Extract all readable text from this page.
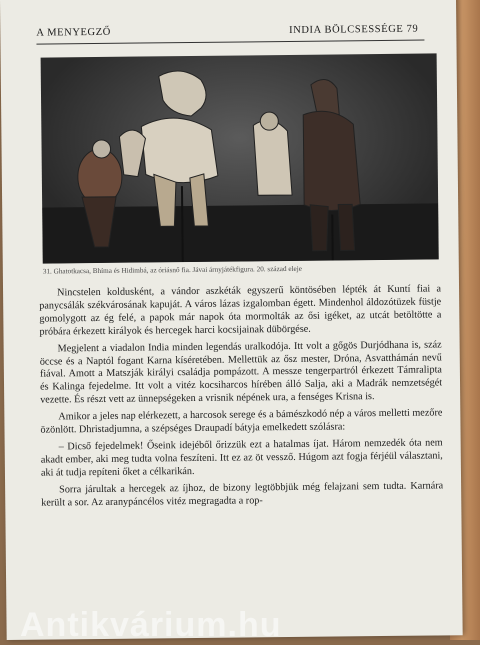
A MENYEGZŐ	INDIA BÖLCSESSÉGE 79
31. Ghatotkacsa, Bhíma és Hidimbá, az óriásnő fia. Jávai árnyjátékfigura. 20. század eleje

Nincstelen koldusként, a vándor aszkéták egyszerű köntösében lépték át Kuntí fiai a panycsálák székvárosának kapuját. A város lázas izgalomban égett. Mindenhol áldozótüzek füstje gomolygott az ég felé, a papok már napok óta mormolták az ősi igéket, az utcát betöltötte a próbára érkezett királyok és hercegek harci kocsijainak dübörgése.

Megjelent a viadalon India minden legendás uralkodója. Itt volt a gőgös Durjódhana is, száz öccse és a Naptól fogant Karna kíséretében. Mellettük az ősz mester, Dróna, Asvatthámán nevű fiával. Amott a Matszják királyi családja pompázott. A messze tengerpartról érkezett Támralipta és Kalinga fejedelme. Itt volt a vitéz kocsiharcos hírében álló Salja, aki a Madrák nemzetségét vezette. És részt vett az ünnepségeken a vrisnik népének ura, a fenséges Krisna is.

Amikor a jeles nap elérkezett, a harcosok serege és a bámészkodó nép a város melletti mezőre özönlött. Dhristadjumna, a szépséges Draupadí bátyja emelkedett szólásra:

– Dicső fejedelmek! Őseink idejéből őrizzük ezt a hatalmas íjat. Három nemzedék óta nem akadt ember, aki meg tudta volna feszíteni. Itt ez az öt vessző. Húgom azt fogja férjéül választani, aki át tudja repíteni őket a célkarikán.

Sorra járultak a hercegek az íjhoz, de bizony legtöbbjük még felajzani sem tudta. Karnára került a sor. Az aranypáncélos vitéz megragadta a rop-

Antikvárium.hu
